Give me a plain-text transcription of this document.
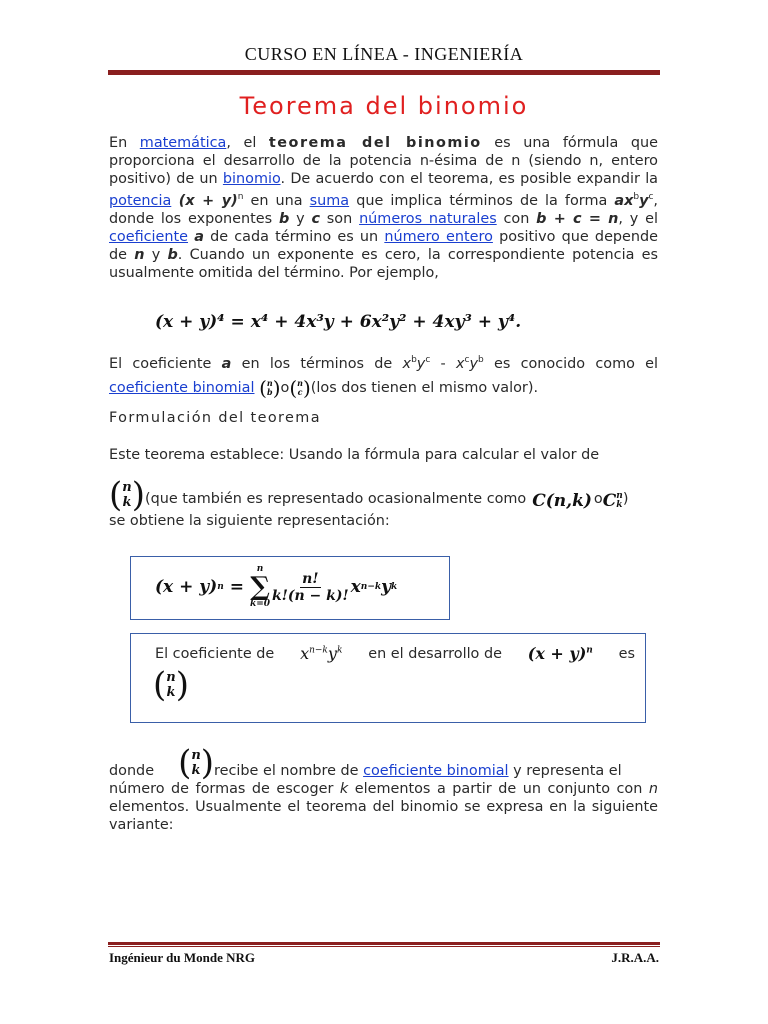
CURSO EN LÍNEA - INGENIERÍA
Teorema del binomio
En matemática, el teorema del binomio es una fórmula que proporciona el desarrollo de la potencia n-ésima de n (siendo n, entero positivo) de un binomio. De acuerdo con el teorema, es posible expandir la potencia $(x + y)^n$ en una suma que implica términos de la forma $ax^by^c$, donde los exponentes b y c son números naturales con b + c = n, y el coeficiente a de cada término es un número entero positivo que depende de n y b. Cuando un exponente es cero, la correspondiente potencia es usualmente omitida del término. Por ejemplo,
(x + y)⁴ = x⁴ + 4x³y + 6x²y² + 4xy³ + y⁴.
El coeficiente a en los términos de $x^by^c - x^cy^b$ es conocido como el coeficiente binomial ( n
b ) o ( n
c ) (los dos tienen el mismo valor).
Formulación del teorema
Este teorema establece: Usando la fórmula para calcular el valor de
( n
k ) (que también es representado ocasionalmente como C(n,k) o C n
k )
se obtiene la siguiente representación:
(x + y) n =
n
∑
k=0
$\frac{n!}{k!(n - k)!}$ x n−k y k
El coeficiente de $x^{n-k}y^k$ en el desarrollo de $(x + y)^n$ es
( n
k )
donde ( n
k ) recibe el nombre de coeficiente binomial y representa el
número de formas de escoger k elementos a partir de un conjunto con n elementos. Usualmente el teorema del binomio se expresa en la siguiente variante:
Ingénieur du Monde NRG	J.R.A.A.
